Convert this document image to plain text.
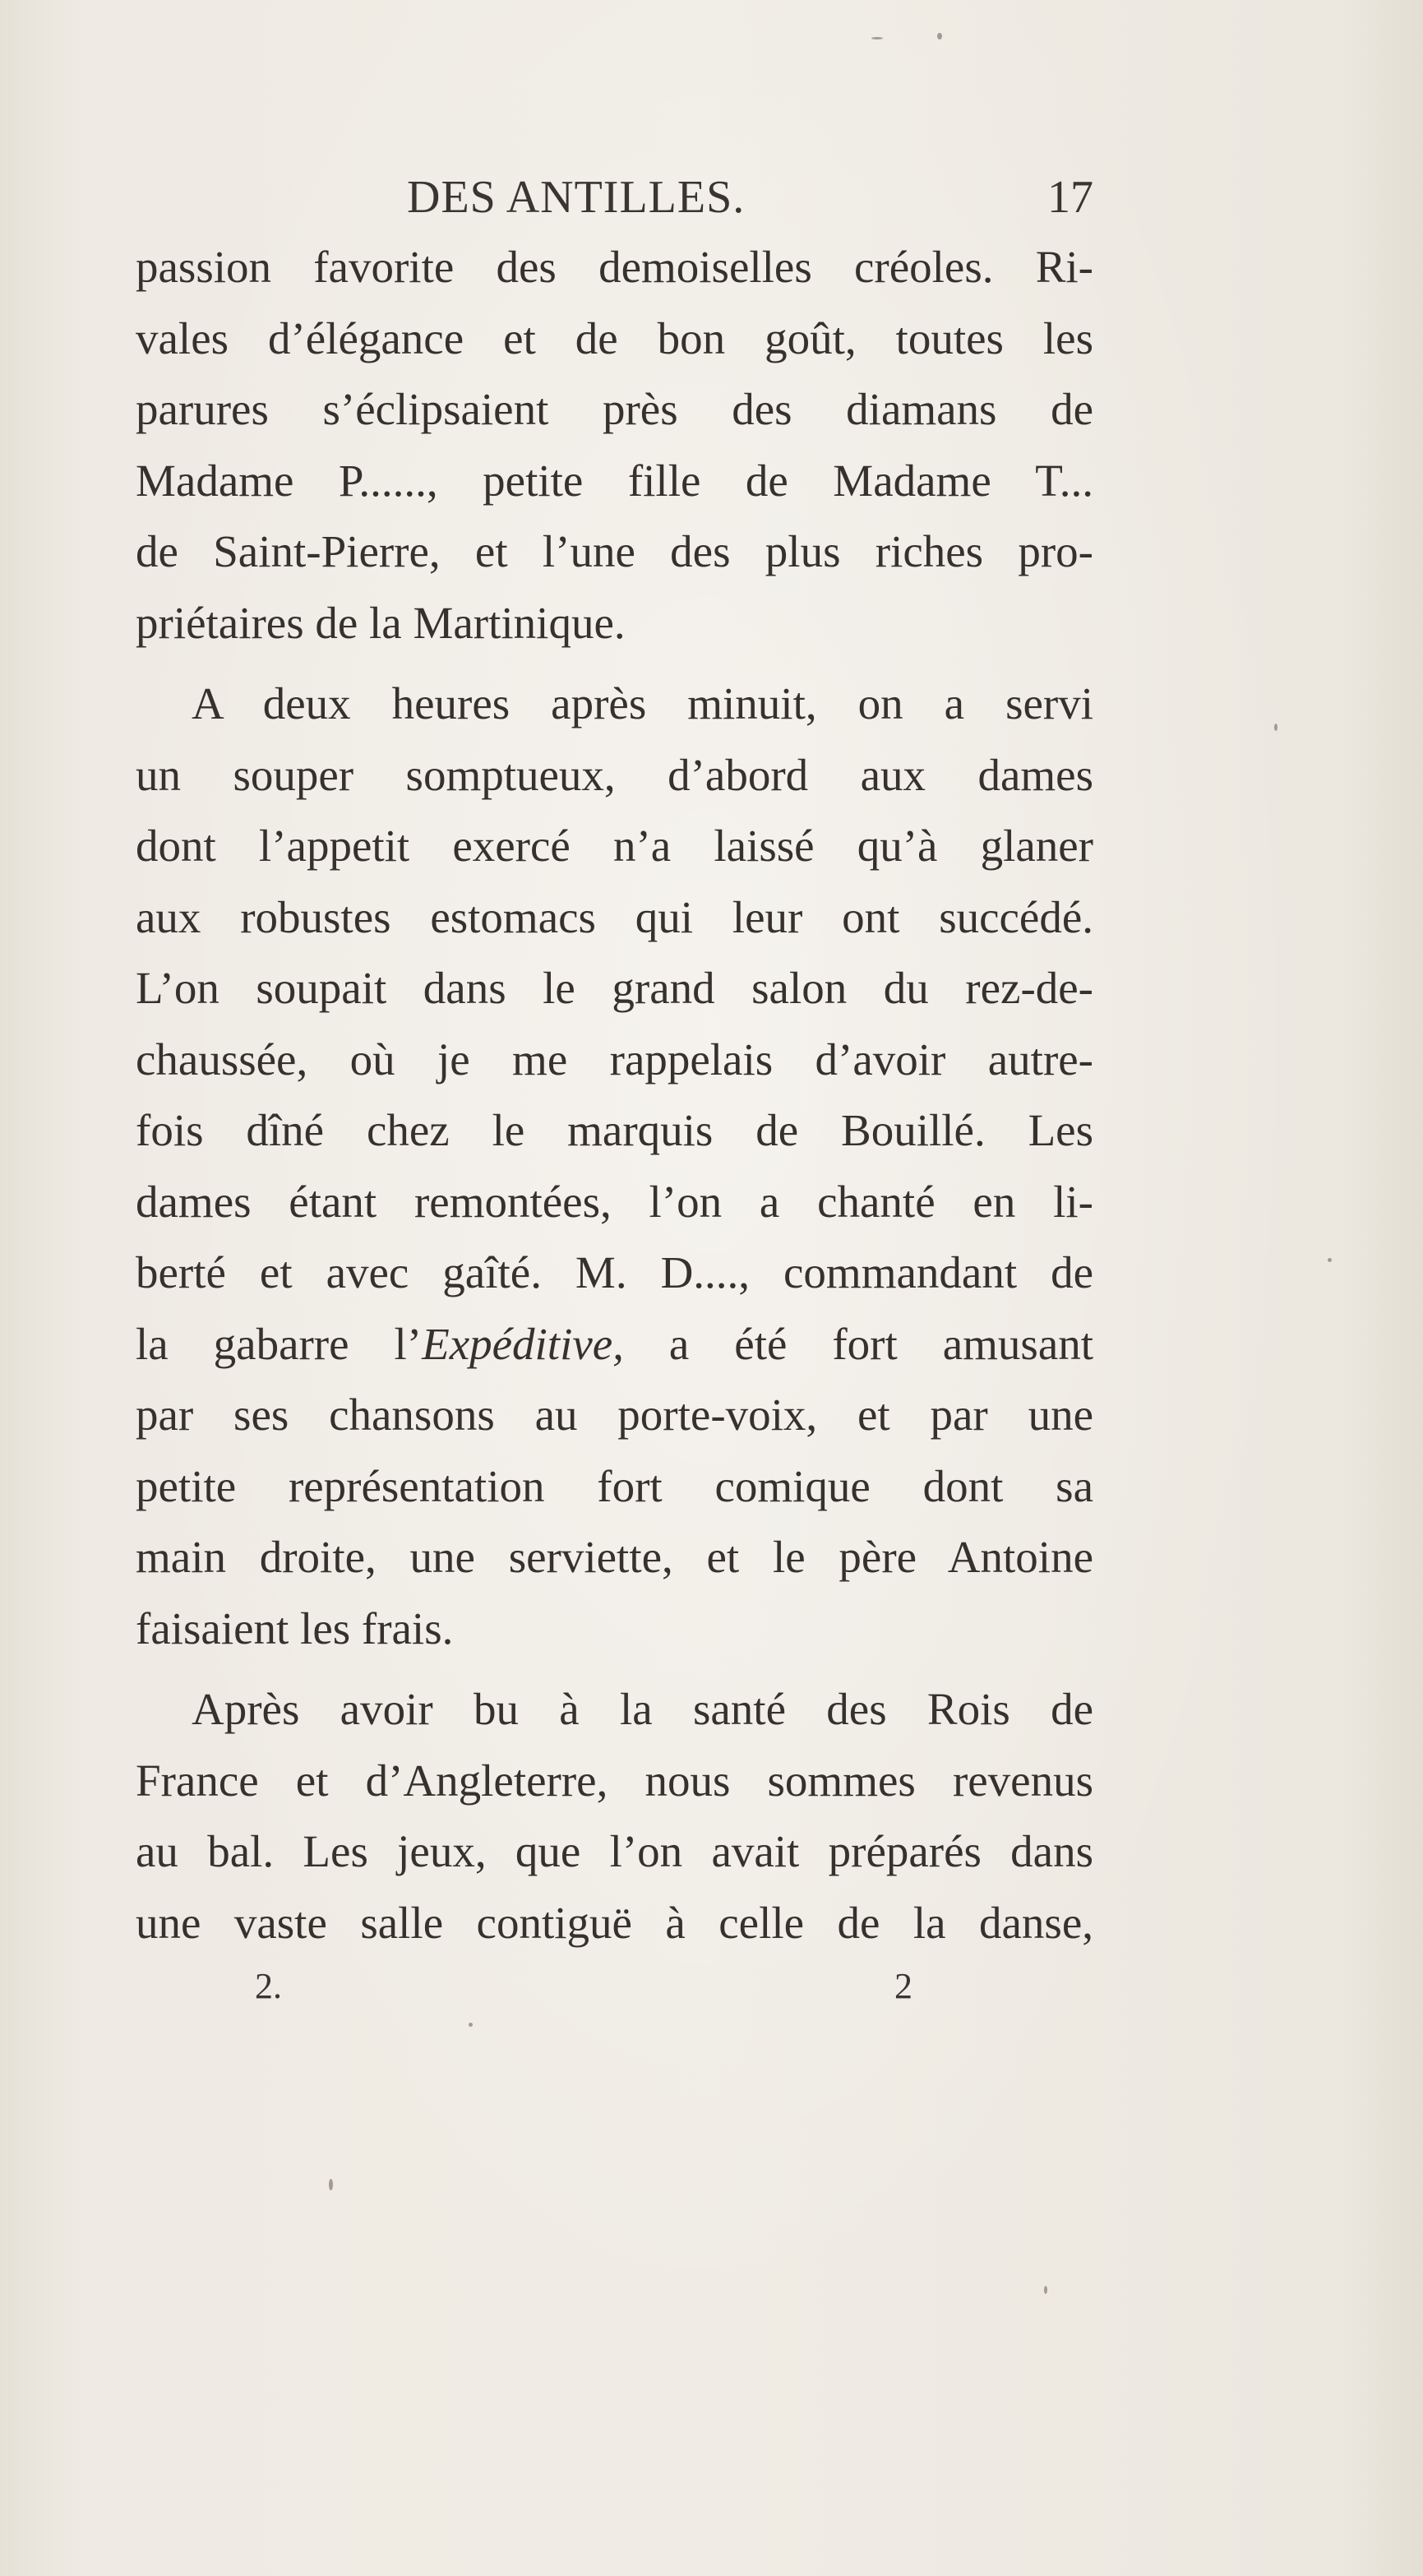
DES ANTILLES.	17
passion favorite des demoiselles créoles. Ri-
vales d’élégance et de bon goût, toutes les
parures s’éclipsaient près des diamans de
Madame P......, petite fille de Madame T...
de Saint-Pierre, et l’une des plus riches pro-
priétaires de la Martinique.
A deux heures après minuit, on a servi
un souper somptueux, d’abord aux dames
dont l’appetit exercé n’a laissé qu’à glaner
aux robustes estomacs qui leur ont succédé.
L’on soupait dans le grand salon du rez-de-
chaussée, où je me rappelais d’avoir autre-
fois dîné chez le marquis de Bouillé. Les
dames étant remontées, l’on a chanté en li-
berté et avec gaîté. M. D...., commandant de
la gabarre l’Expéditive, a été fort amusant
par ses chansons au porte-voix, et par une
petite représentation fort comique dont sa
main droite, une serviette, et le père Antoine
faisaient les frais.
Après avoir bu à la santé des Rois de
France et d’Angleterre, nous sommes revenus
au bal. Les jeux, que l’on avait préparés dans
une vaste salle contiguë à celle de la danse,
2.	2
